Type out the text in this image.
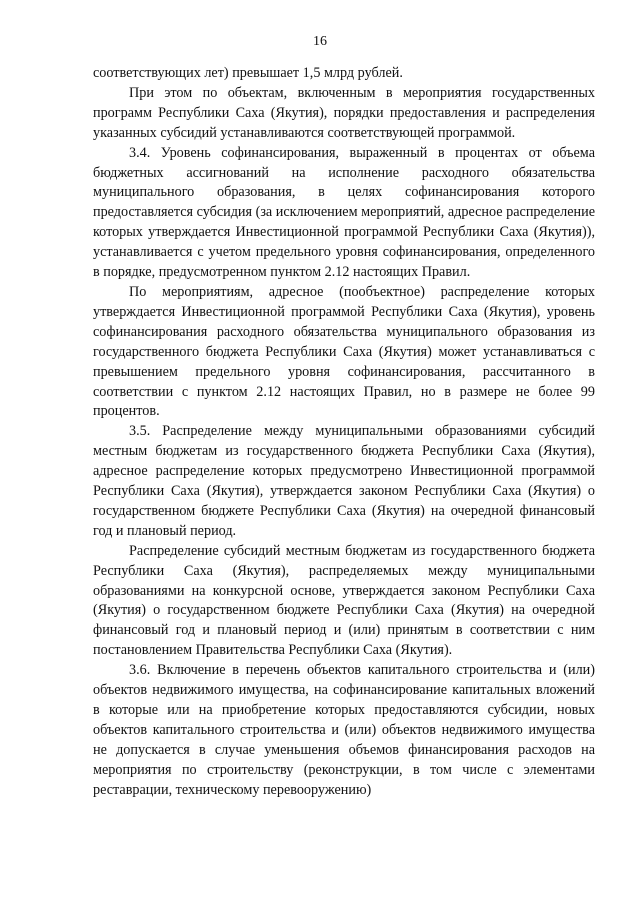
16

соответствующих лет) превышает 1,5 млрд рублей.

При этом по объектам, включенным в мероприятия государственных программ Республики Саха (Якутия), порядки предоставления и распределения указанных субсидий устанавливаются соответствующей программой.

3.4. Уровень софинансирования, выраженный в процентах от объема бюджетных ассигнований на исполнение расходного обязательства муниципального образования, в целях софинансирования которого предоставляется субсидия (за исключением мероприятий, адресное распределение которых утверждается Инвестиционной программой Республики Саха (Якутия)), устанавливается с учетом предельного уровня софинансирования, определенного в порядке, предусмотренном пунктом 2.12 настоящих Правил.

По мероприятиям, адресное (пообъектное) распределение которых утверждается Инвестиционной программой Республики Саха (Якутия), уровень софинансирования расходного обязательства муниципального образования из государственного бюджета Республики Саха (Якутия) может устанавливаться с превышением предельного уровня софинансирования, рассчитанного в соответствии с пунктом 2.12 настоящих Правил, но в размере не более 99 процентов.

3.5. Распределение между муниципальными образованиями субсидий местным бюджетам из государственного бюджета Республики Саха (Якутия), адресное распределение которых предусмотрено Инвестиционной программой Республики Саха (Якутия), утверждается законом Республики Саха (Якутия) о государственном бюджете Республики Саха (Якутия) на очередной финансовый год и плановый период.

Распределение субсидий местным бюджетам из государственного бюджета Республики Саха (Якутия), распределяемых между муниципальными образованиями на конкурсной основе, утверждается законом Республики Саха (Якутия) о государственном бюджете Республики Саха (Якутия) на очередной финансовый год и плановый период и (или) принятым в соответствии с ним постановлением Правительства Республики Саха (Якутия).

3.6. Включение в перечень объектов капитального строительства и (или) объектов недвижимого имущества, на софинансирование капитальных вложений в которые или на приобретение которых предоставляются субсидии, новых объектов капитального строительства и (или) объектов недвижимого имущества не допускается в случае уменьшения объемов финансирования расходов на мероприятия по строительству (реконструкции, в том числе с элементами реставрации, техническому перевооружению)
